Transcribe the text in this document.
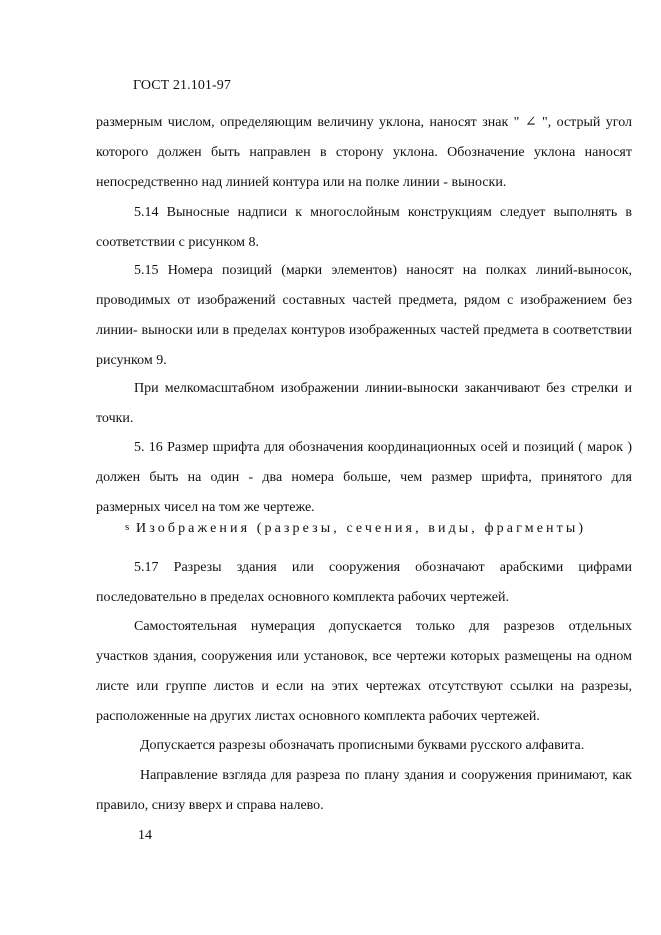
ГОСТ 21.101-97
размерным числом, определяющим величину уклона, наносят знак " ∠ ", острый угол
которого должен быть направлен в сторону уклона. Обозначение уклона наносят
непосредственно над линией контура или на полке линии - выноски.
5.14 Выносные надписи к многослойным конструкциям следует выполнять в
соответствии с рисунком 8.
5.15 Номера позиций (марки элементов) наносят на полках линий-выносок,
проводимых от изображений составных частей предмета, рядом с изображением без
линии- выноски или в пределах контуров изображенных частей предмета в соответствии
рисунком 9.
При мелкомасштабном изображении линии-выноски заканчивают без стрелки и
точки.
5. 16 Размер шрифта для обозначения координационных осей и позиций ( марок )
должен быть на один - два номера больше, чем размер шрифта, принятого для
размерных чисел на том же чертеже.
ѕ Изображения (разрезы, сечения, виды, фрагменты)
5.17 Разрезы здания или сооружения обозначают арабскими цифрами
последовательно в пределах основного комплекта рабочих чертежей.
Самостоятельная нумерация допускается только для разрезов отдельных
участков здания, сооружения или установок, все чертежи которых размещены на одном
листе или группе листов и если на этих чертежах отсутствуют ссылки на разрезы,
расположенные на других листах основного комплекта рабочих чертежей.
Допускается разрезы обозначать прописными буквами русского алфавита.
Направление взгляда для разреза по плану здания и сооружения принимают, как
правило, снизу вверх и справа налево.
14
